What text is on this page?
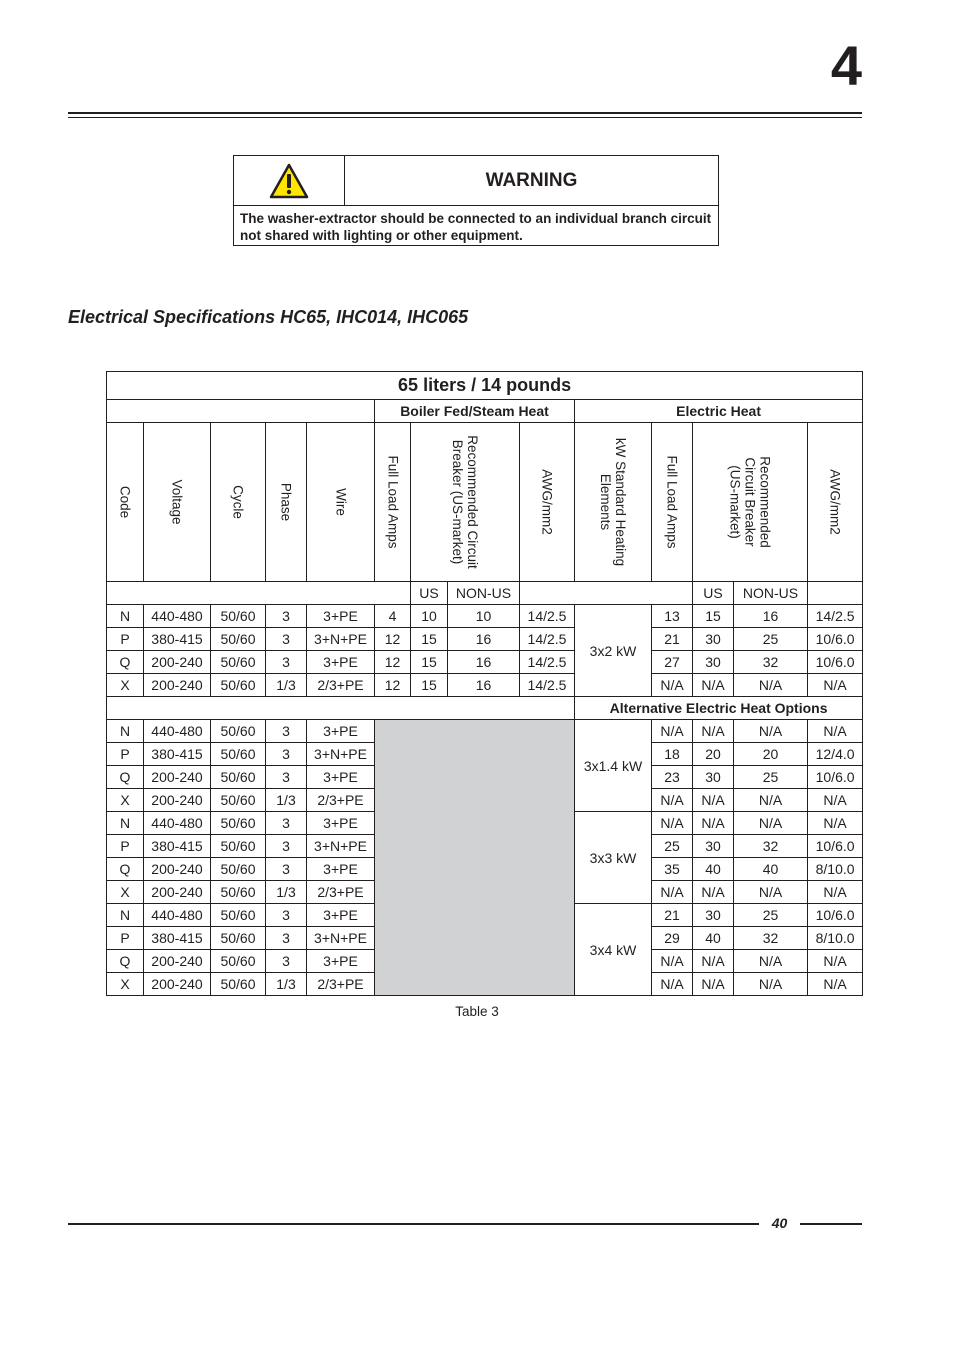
4
WARNING
The washer-extractor should be connected to an individual branch circuit not shared with lighting or other equipment.
Electrical Specifications HC65, IHC014, IHC065
65 liters / 14 pounds													
					Boiler Fed/Steam Heat				Electric Heat				

Code	Voltage	Cycle	Phase	Wire	Full Load Amps	Recommended Circuit Breaker (US-market)		AWG/mm2	kW Standard Heating Elements	Full Load Amps	Recommended Circuit Breaker (US-market)		AWG/mm2

						US	NON-US				US	NON-US	
N	440-480	50/60	3	3+PE	4	10	10	14/2.5	3x2 kW	13	15	16	14/2.5
P	380-415	50/60	3	3+N+PE	12	15	16	14/2.5		21	30	25	10/6.0
Q	200-240	50/60	3	3+PE	12	15	16	14/2.5		27	30	32	10/6.0
X	200-240	50/60	1/3	2/3+PE	12	15	16	14/2.5		N/A	N/A	N/A	N/A
									Alternative Electric Heat Options				
N	440-480	50/60	3	3+PE					3x1.4 kW	N/A	N/A	N/A	N/A
P	380-415	50/60	3	3+N+PE						18	20	20	12/4.0
Q	200-240	50/60	3	3+PE						23	30	25	10/6.0
X	200-240	50/60	1/3	2/3+PE						N/A	N/A	N/A	N/A
N	440-480	50/60	3	3+PE					3x3 kW	N/A	N/A	N/A	N/A
P	380-415	50/60	3	3+N+PE						25	30	32	10/6.0
Q	200-240	50/60	3	3+PE						35	40	40	8/10.0
X	200-240	50/60	1/3	2/3+PE						N/A	N/A	N/A	N/A
N	440-480	50/60	3	3+PE					3x4 kW	21	30	25	10/6.0
P	380-415	50/60	3	3+N+PE						29	40	32	8/10.0
Q	200-240	50/60	3	3+PE						N/A	N/A	N/A	N/A
X	200-240	50/60	1/3	2/3+PE						N/A	N/A	N/A	N/A
Table 3
40
